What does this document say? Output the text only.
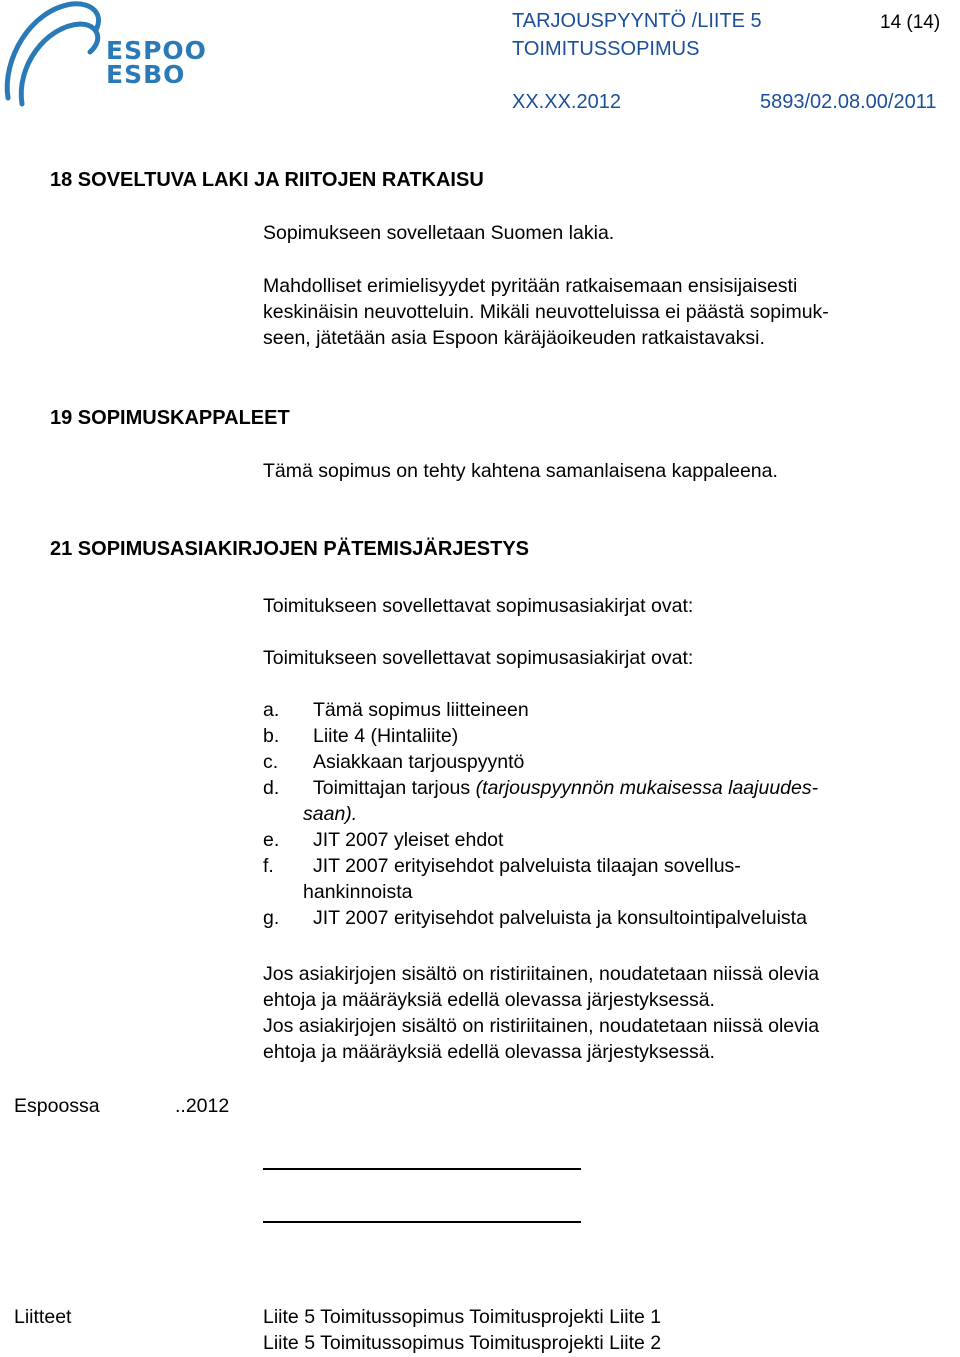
ESPOO
ESBO
TARJOUSPYYNTÖ /LIITE 5	14 (14)
TOIMITUSSOPIMUS
XX.XX.2012	5893/02.08.00/2011
18 SOVELTUVA LAKI JA RIITOJEN RATKAISU
Sopimukseen sovelletaan Suomen lakia.
Mahdolliset erimielisyydet pyritään ratkaisemaan ensisijaisesti
keskinäisin neuvotteluin. Mikäli neuvotteluissa ei päästä sopimuk-
seen, jätetään asia Espoon käräjäoikeuden ratkaistavaksi.
19 SOPIMUSKAPPALEET
Tämä sopimus on tehty kahtena samanlaisena kappaleena.
21 SOPIMUSASIAKIRJOJEN PÄTEMISJÄRJESTYS
Toimitukseen sovellettavat sopimusasiakirjat ovat:
Toimitukseen sovellettavat sopimusasiakirjat ovat:
a. Tämä sopimus liitteineen
b. Liite 4 (Hintaliite)
c. Asiakkaan tarjouspyyntö
d. Toimittajan tarjous (tarjouspyynnön mukaisessa laajuudes-
saan).
e. JIT 2007 yleiset ehdot
f. JIT 2007 erityisehdot palveluista tilaajan sovellus-
hankinnoista
g. JIT 2007 erityisehdot palveluista ja konsultointipalveluista
Jos asiakirjojen sisältö on ristiriitainen, noudatetaan niissä olevia
ehtoja ja määräyksiä edellä olevassa järjestyksessä.
Jos asiakirjojen sisältö on ristiriitainen, noudatetaan niissä olevia
ehtoja ja määräyksiä edellä olevassa järjestyksessä.
Espoossa	..2012
Liitteet	Liite 5 Toimitussopimus Toimitusprojekti Liite 1
Liite 5 Toimitussopimus Toimitusprojekti Liite 2
